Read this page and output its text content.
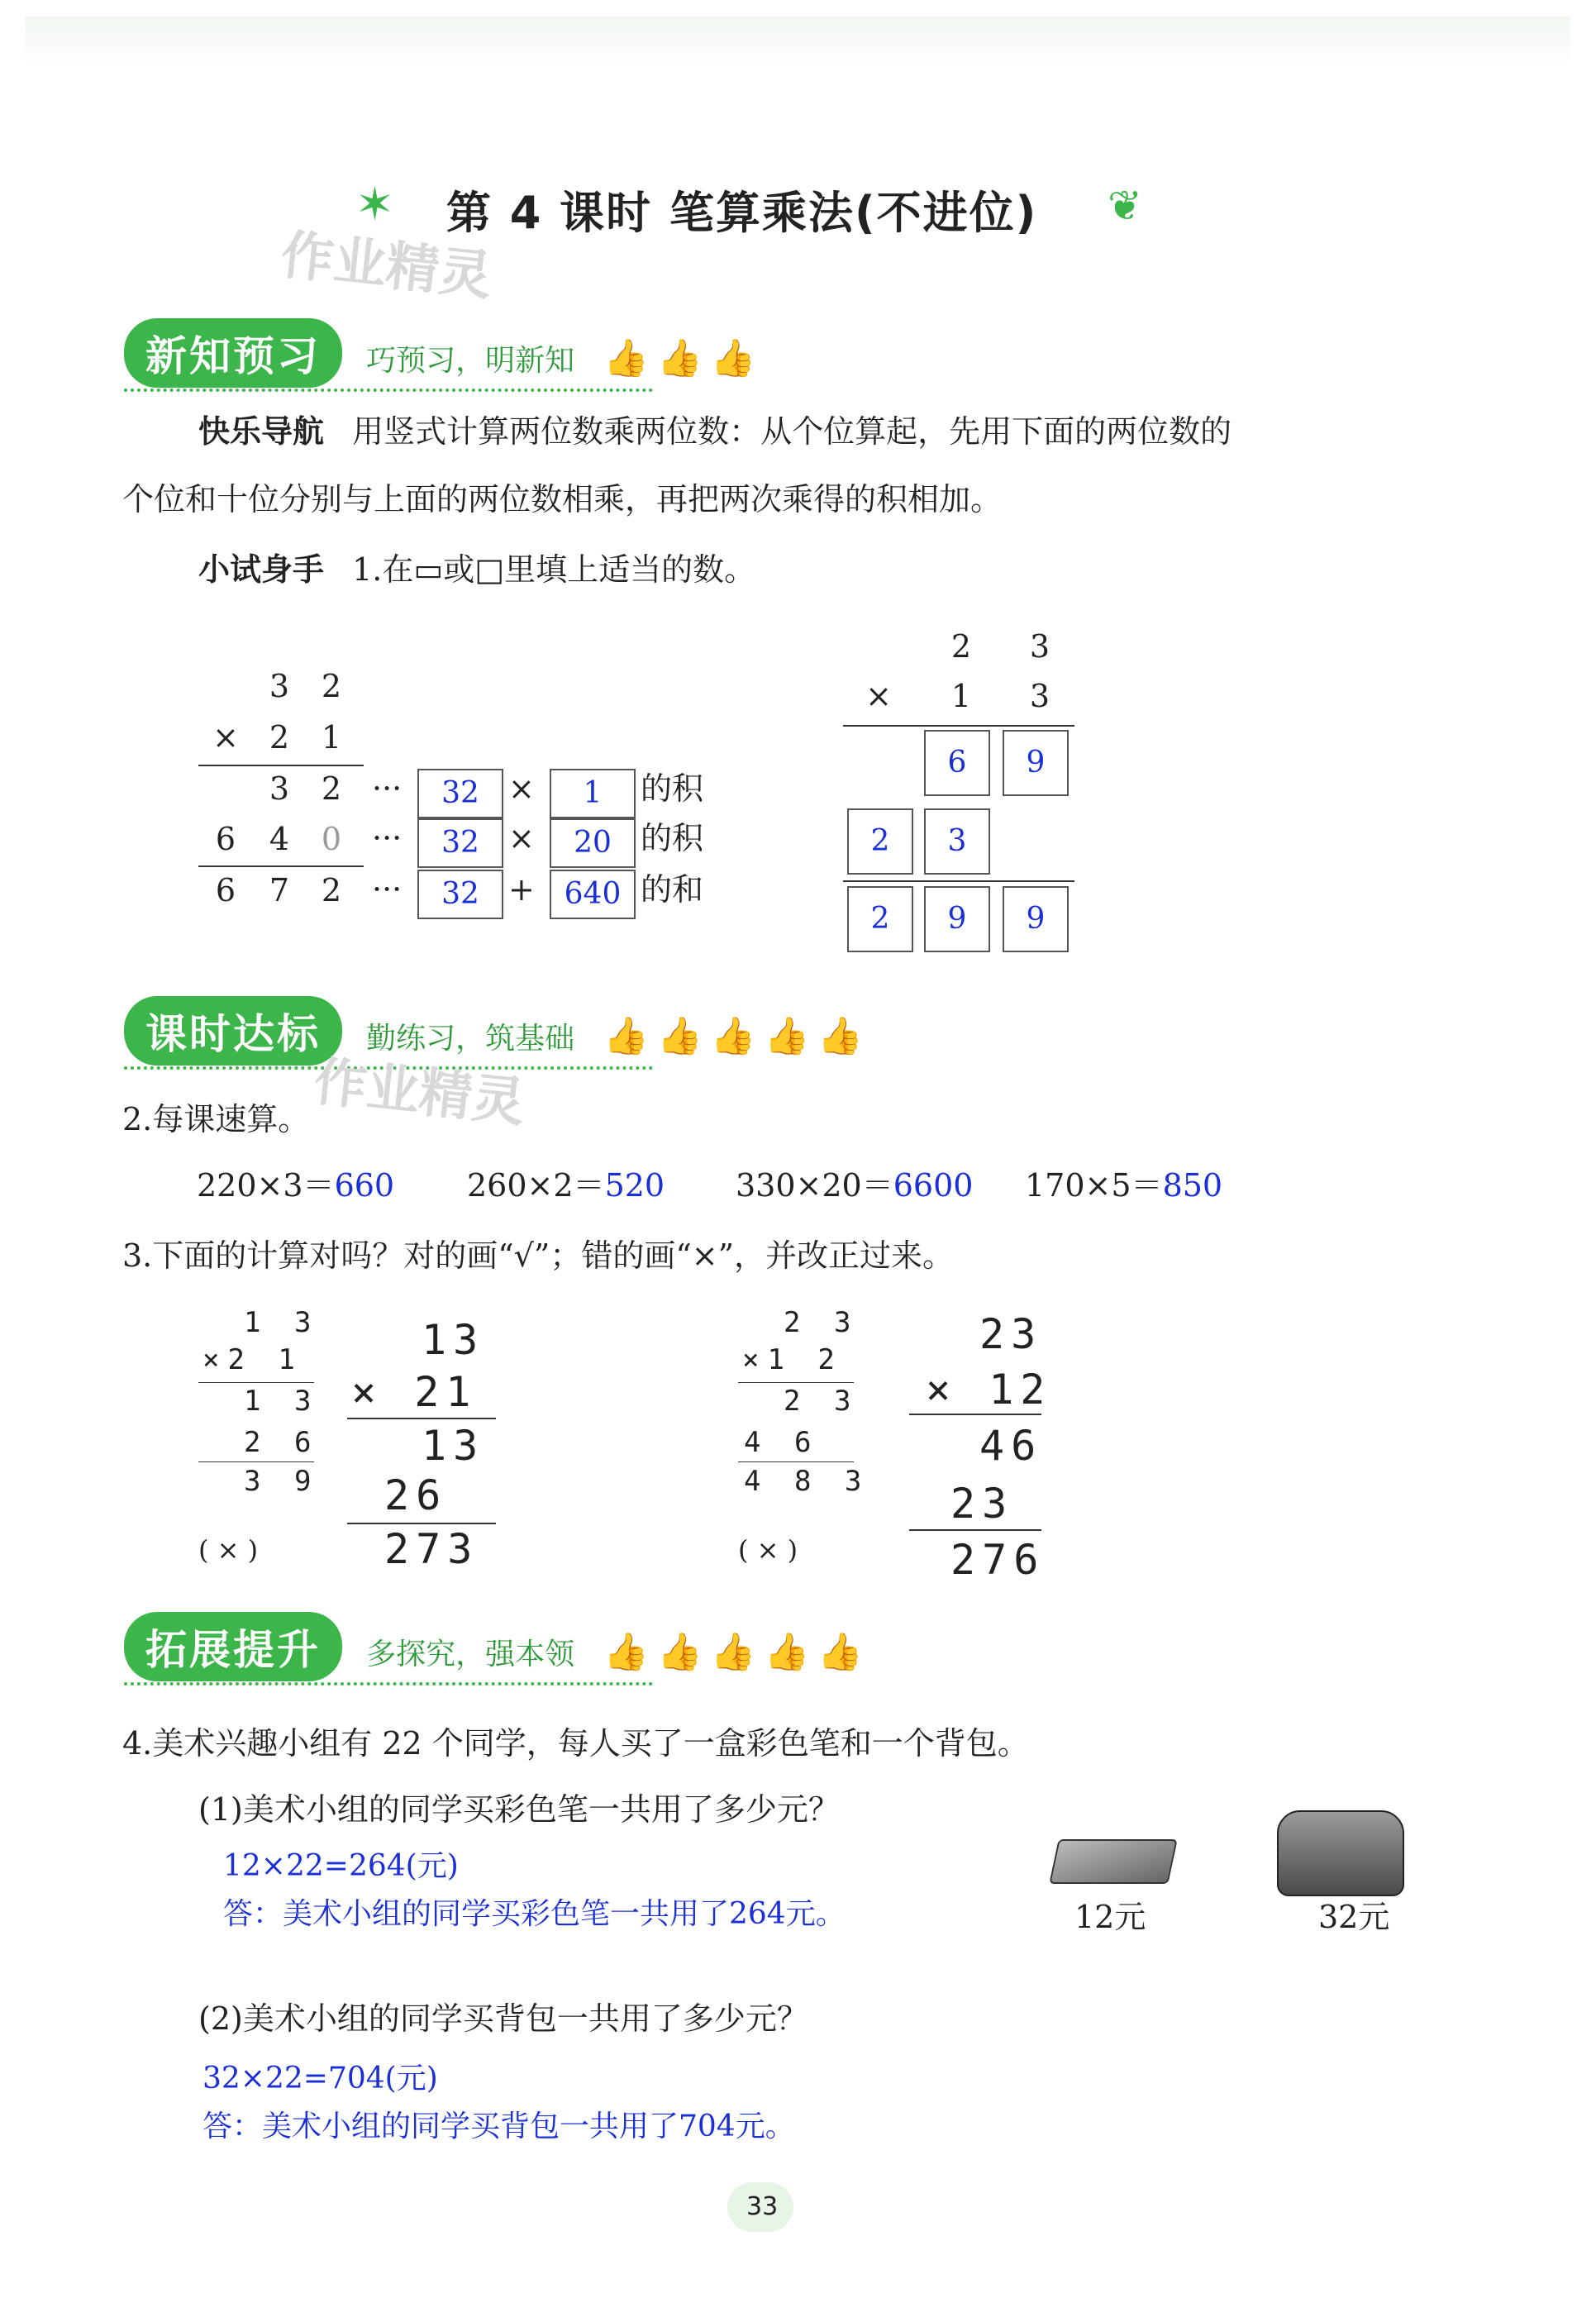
✶ 第 4 课时 笔算乘法(不进位) ❦
作业精灵
新知预习 巧预习，明新知 👍👍👍
快乐导航 用竖式计算两位数乘两位数：从个位算起，先用下面的两位数的
个位和十位分别与上面的两位数相乘，再把两次乘得的积相加。
小试身手 1.在▭或□里填上适当的数。
3 2
× 2 1
3 2
6 4 0
6 7 2
···	32 ×	1	的积
···	32 ×	20 的积
···	32 + 640 的和
2 3
× 1 3
6	9
2	3
2	9	9
课时达标 勤练习，筑基础 👍👍👍👍👍
作业精灵
2.每课速算。
220×3＝660 260×2＝520 330×20＝6600 170×5＝850
3.下面的计算对吗？对的画“√”；错的画“×”，并改正过来。
1 3
×2 1
1 3
2 6
3 9
( × )
13
× 21
13
26
273
2 3
×1 2
2 3
4 6
4 8 3
( × )
23
× 12
46
23
276
拓展提升 多探究，强本领 👍👍👍👍👍
4.美术兴趣小组有 22 个同学，每人买了一盒彩色笔和一个背包。
(1)美术小组的同学买彩色笔一共用了多少元？
12×22=264(元)
答：美术小组的同学买彩色笔一共用了264元。	12元	32元
(2)美术小组的同学买背包一共用了多少元？
32×22=704(元)
答：美术小组的同学买背包一共用了704元。
33
